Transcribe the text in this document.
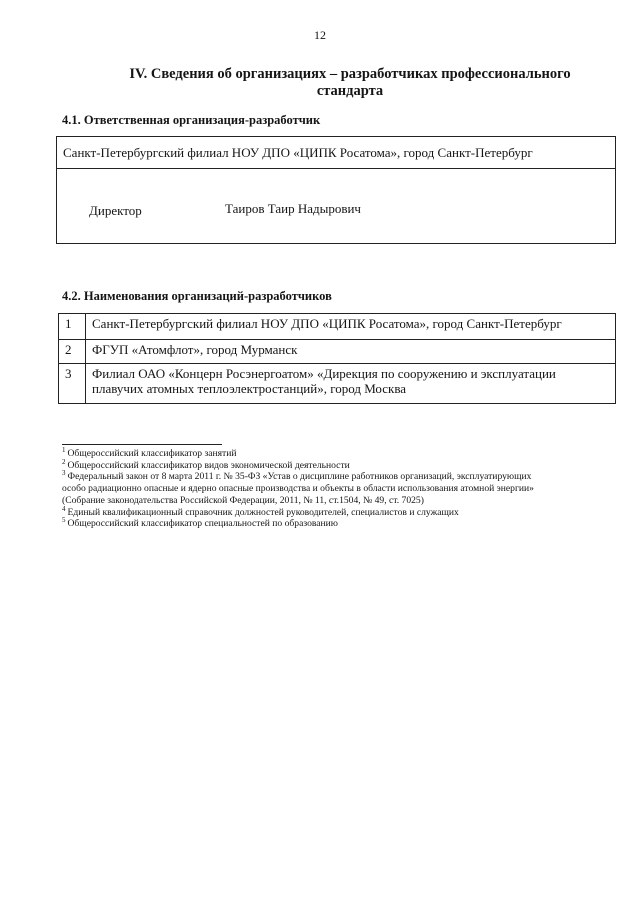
12
IV. Сведения об организациях – разработчиках профессионального стандарта
4.1. Ответственная организация-разработчик
Санкт-Петербургский филиал НОУ ДПО «ЦИПК Росатома», город Санкт-Петербург
Директор	Таиров Таир Надырович
4.2. Наименования организаций-разработчиков
1	Санкт-Петербургский филиал НОУ ДПО «ЦИПК Росатома», город Санкт-Петербург
2	ФГУП «Атомфлот», город Мурманск
3	Филиал ОАО «Концерн Росэнергоатом» «Дирекция по сооружению и эксплуатации плавучих атомных теплоэлектростанций», город Москва
$^1$ Общероссийский классификатор занятий
$^2$ Общероссийский классификатор видов экономической деятельности
$^3$ Федеральный закон от 8 марта 2011 г. № 35-ФЗ «Устав о дисциплине работников организаций, эксплуатирующих
особо радиационно опасные и ядерно опасные производства и объекты в области использования атомной энергии»
(Собрание законодательства Российской Федерации, 2011, № 11, ст.1504, № 49, ст. 7025)
$^4$ Единый квалификационный справочник должностей руководителей, специалистов и служащих
$^5$ Общероссийский классификатор специальностей по образованию
